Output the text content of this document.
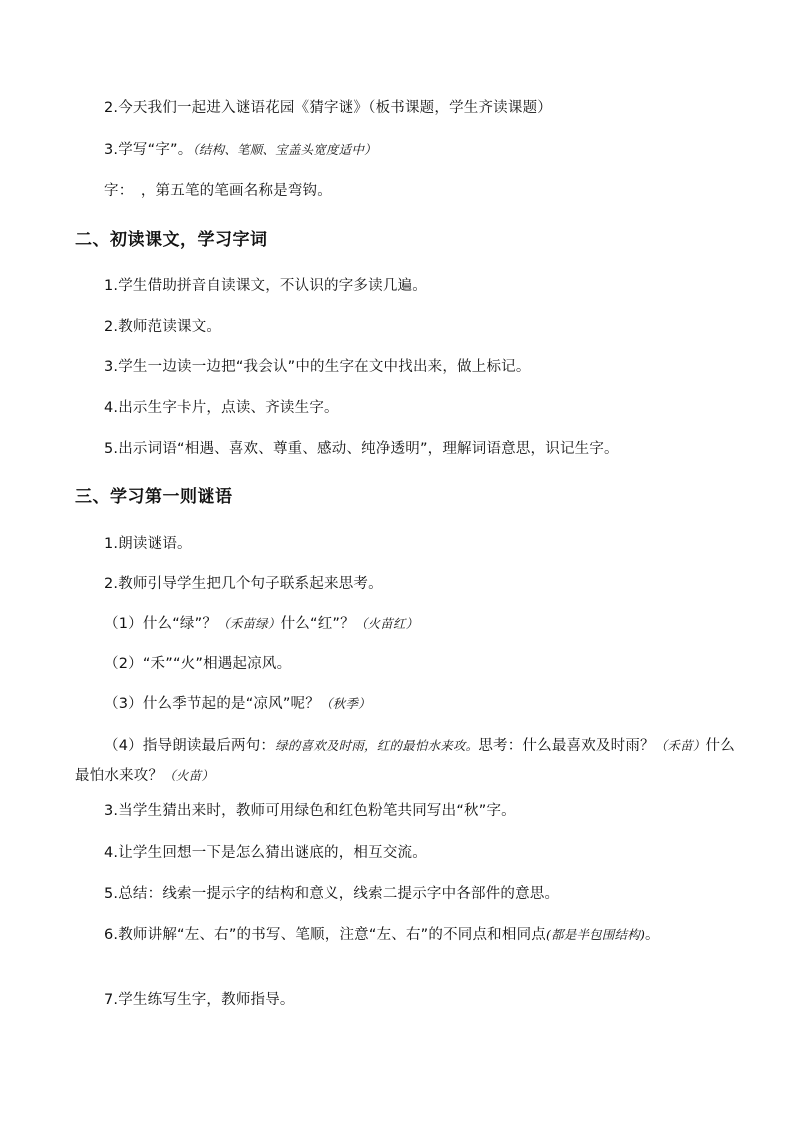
2.今天我们一起进入谜语花园《猜字谜》（板书课题，学生齐读课题）
3.学写“字”。（结构、笔顺、宝盖头宽度适中）
字：　，第五笔的笔画名称是弯钩。
二、初读课文，学习字词
1.学生借助拼音自读课文，不认识的字多读几遍。
2.教师范读课文。
3.学生一边读一边把“我会认”中的生字在文中找出来，做上标记。
4.出示生字卡片，点读、齐读生字。
5.出示词语“相遇、喜欢、尊重、感动、纯净透明”，理解词语意思，识记生字。
三、学习第一则谜语
1.朗读谜语。
2.教师引导学生把几个句子联系起来思考。
（1）什么“绿”？（禾苗绿）什么“红”？（火苗红）
（2）“禾”“火”相遇起凉风。
（3）什么季节起的是“凉风”呢？（秋季）
（4）指导朗读最后两句：绿的喜欢及时雨，红的最怕水来攻。思考：什么最喜欢及时雨？（禾苗）什么最怕水来攻？（火苗）
3.当学生猜出来时，教师可用绿色和红色粉笔共同写出“秋”字。
4.让学生回想一下是怎么猜出谜底的，相互交流。
5.总结：线索一提示字的结构和意义，线索二提示字中各部件的意思。
6.教师讲解“左、右”的书写、笔顺，注意“左、右”的不同点和相同点(都是半包围结构)。
7.学生练写生字，教师指导。
